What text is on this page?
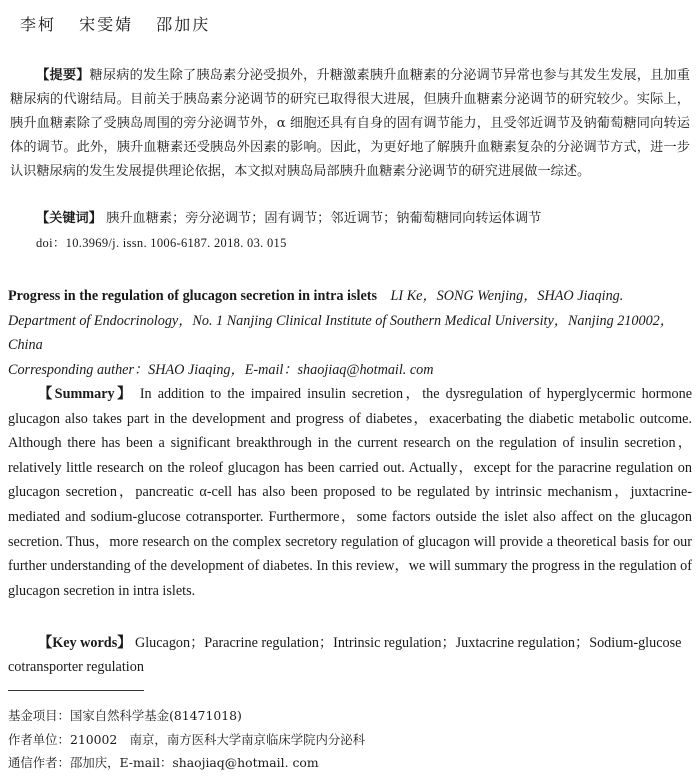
李柯 宋雯婧 邵加庆
【提要】糖尿病的发生除了胰岛素分泌受损外，升糖激素胰升血糖素的分泌调节异常也参与其发生发展，且加重糖尿病的代谢结局。目前关于胰岛素分泌调节的研究已取得很大进展，但胰升血糖素分泌调节的研究较少。实际上，胰升血糖素除了受胰岛周围的旁分泌调节外，α 细胞还具有自身的固有调节能力，且受邻近调节及钠葡萄糖同向转运体的调节。此外，胰升血糖素还受胰岛外因素的影响。因此，为更好地了解胰升血糖素复杂的分泌调节方式，进一步认识糖尿病的发生发展提供理论依据，本文拟对胰岛局部胰升血糖素分泌调节的研究进展做一综述。
【关键词】 胰升血糖素；旁分泌调节；固有调节；邻近调节；钠葡萄糖同向转运体调节
doi：10.3969/j. issn. 1006-6187. 2018. 03. 015
Progress in the regulation of glucagon secretion in intra islets LI Ke，SONG Wenjing，SHAO Jiaqing. Department of Endocrinology，No. 1 Nanjing Clinical Institute of Southern Medical University，Nanjing 210002，China
Corresponding auther：SHAO Jiaqing，E-mail：shaojiaq@hotmail. com
【Summary】 In addition to the impaired insulin secretion，the dysregulation of hyperglycermic hormone glucagon also takes part in the development and progress of diabetes，exacerbating the diabetic metabolic outcome. Although there has been a significant breakthrough in the current research on the regulation of insulin secretion，relatively little research on the roleof glucagon has been carried out. Actually，except for the paracrine regulation on glucagon secretion，pancreatic α-cell has also been proposed to be regulated by intrinsic mechanism，juxtacrine-mediated and sodium-glucose cotransporter. Furthermore，some factors outside the islet also affect on the glucagon secretion. Thus，more research on the complex secretory regulation of glucagon will provide a theoretical basis for our further understanding of the development of diabetes. In this review，we will summary the progress in the regulation of glucagon secretion in intra islets.
【Key words】 Glucagon；Paracrine regulation；Intrinsic regulation；Juxtacrine regulation；Sodium-glucose cotransporter regulation
基金项目：国家自然科学基金(81471018)
作者单位：210002　南京，南方医科大学南京临床学院内分泌科
通信作者：邵加庆，E-mail：shaojiaq@hotmail. com
